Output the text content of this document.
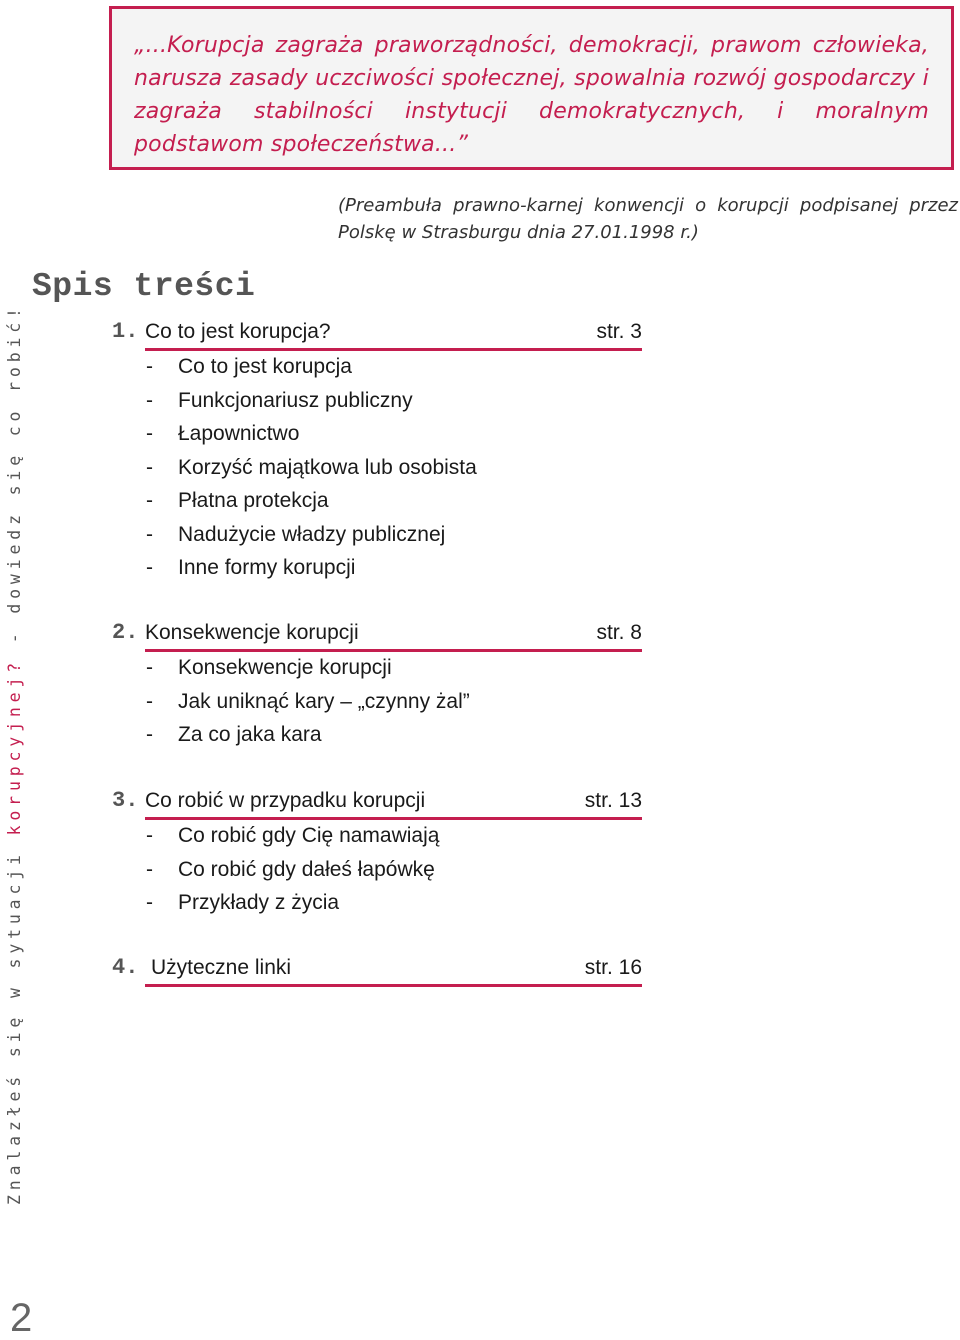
„...Korupcja zagraża praworządności, demokracji, prawom człowieka, narusza zasady uczciwości społecznej, spowalnia rozwój gospodarczy i zagraża stabilności instytucji demokratycznych, i moralnym podstawom społeczeństwa...”

(Preambuła prawno-karnej konwencji o korupcji podpisanej przez Polskę w Strasburgu dnia 27.01.1998 r.)
Znalazłeś się w sytuacji korupcyjnej? - dowiedz się co robić!
Spis treści
1. Co to jest korupcja?	str. 3
- Co to jest korupcja
- Funkcjonariusz publiczny
- Łapownictwo
- Korzyść majątkowa lub osobista
- Płatna protekcja
- Nadużycie władzy publicznej
- Inne formy korupcji
2. Konsekwencje korupcji	str. 8
- Konsekwencje korupcji
- Jak uniknąć kary – „czynny żal”
- Za co jaka kara
3. Co robić w przypadku korupcji	str. 13
- Co robić gdy Cię namawiają
- Co robić gdy dałeś łapówkę
- Przykłady z życia
4. Użyteczne linki	str. 16
2
